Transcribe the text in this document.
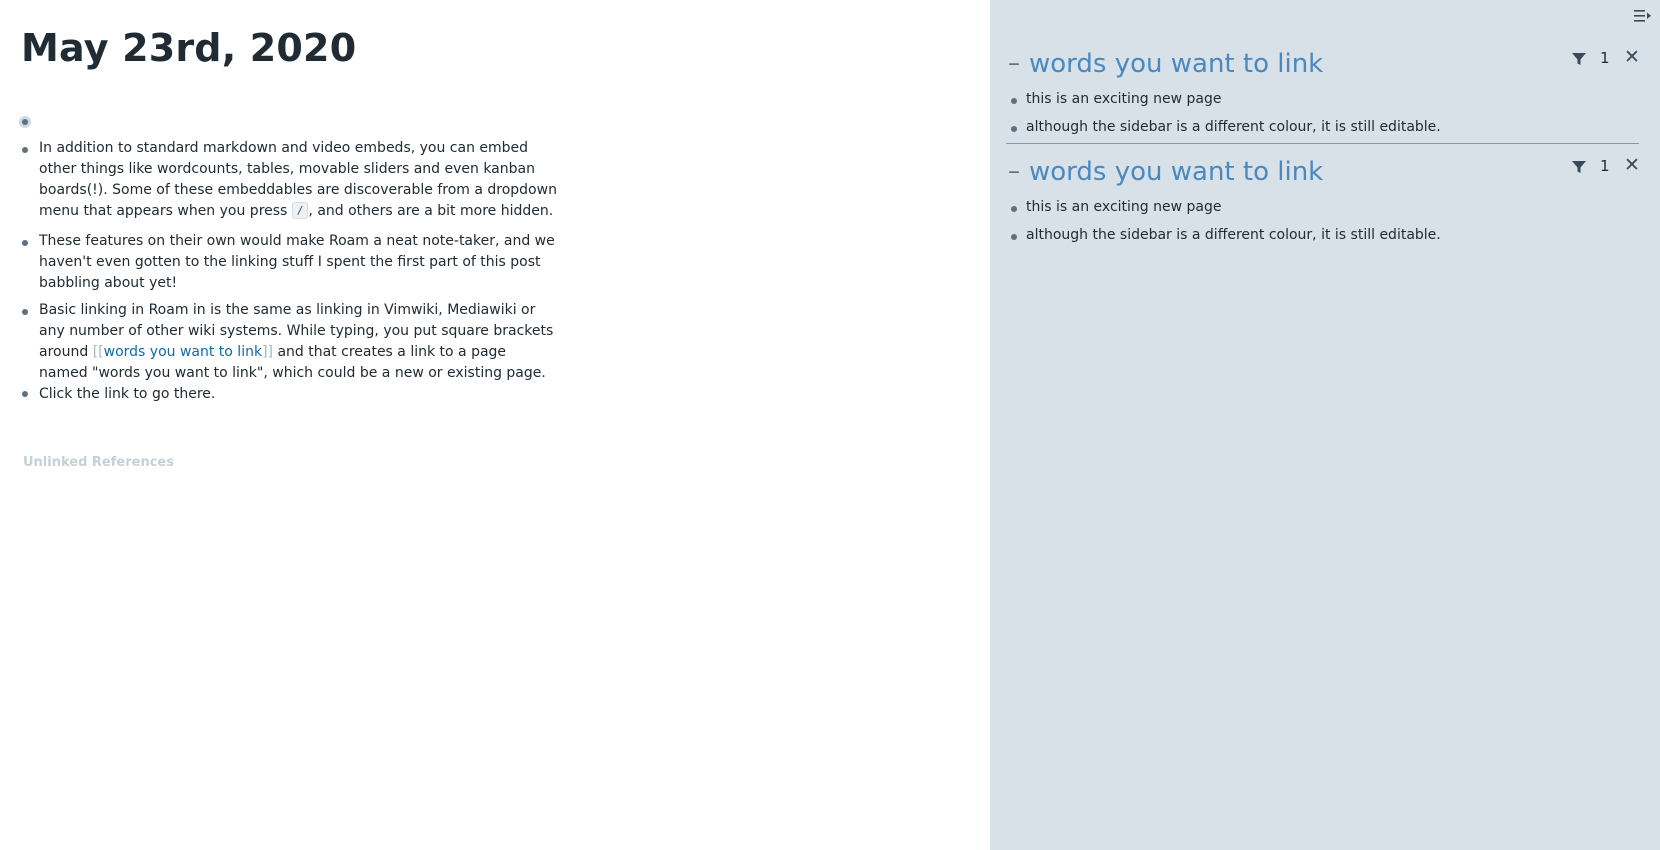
May 23rd, 2020
In addition to standard markdown and video embeds, you can embed other things like wordcounts, tables, movable sliders and even kanban boards(!). Some of these embeddables are discoverable from a dropdown menu that appears when you press / , and others are a bit more hidden.
These features on their own would make Roam a neat note-taker, and we haven't even gotten to the linking stuff I spent the first part of this post babbling about yet!
Basic linking in Roam in is the same as linking in Vimwiki, Mediawiki or any number of other wiki systems. While typing, you put square brackets around [[words you want to link]] and that creates a link to a page named "words you want to link", which could be a new or existing page. Click the link to go there.
Unlinked References
– words you want to link	1 ✕
this is an exciting new page
although the sidebar is a different colour, it is still editable.
– words you want to link	1 ✕
this is an exciting new page
although the sidebar is a different colour, it is still editable.
